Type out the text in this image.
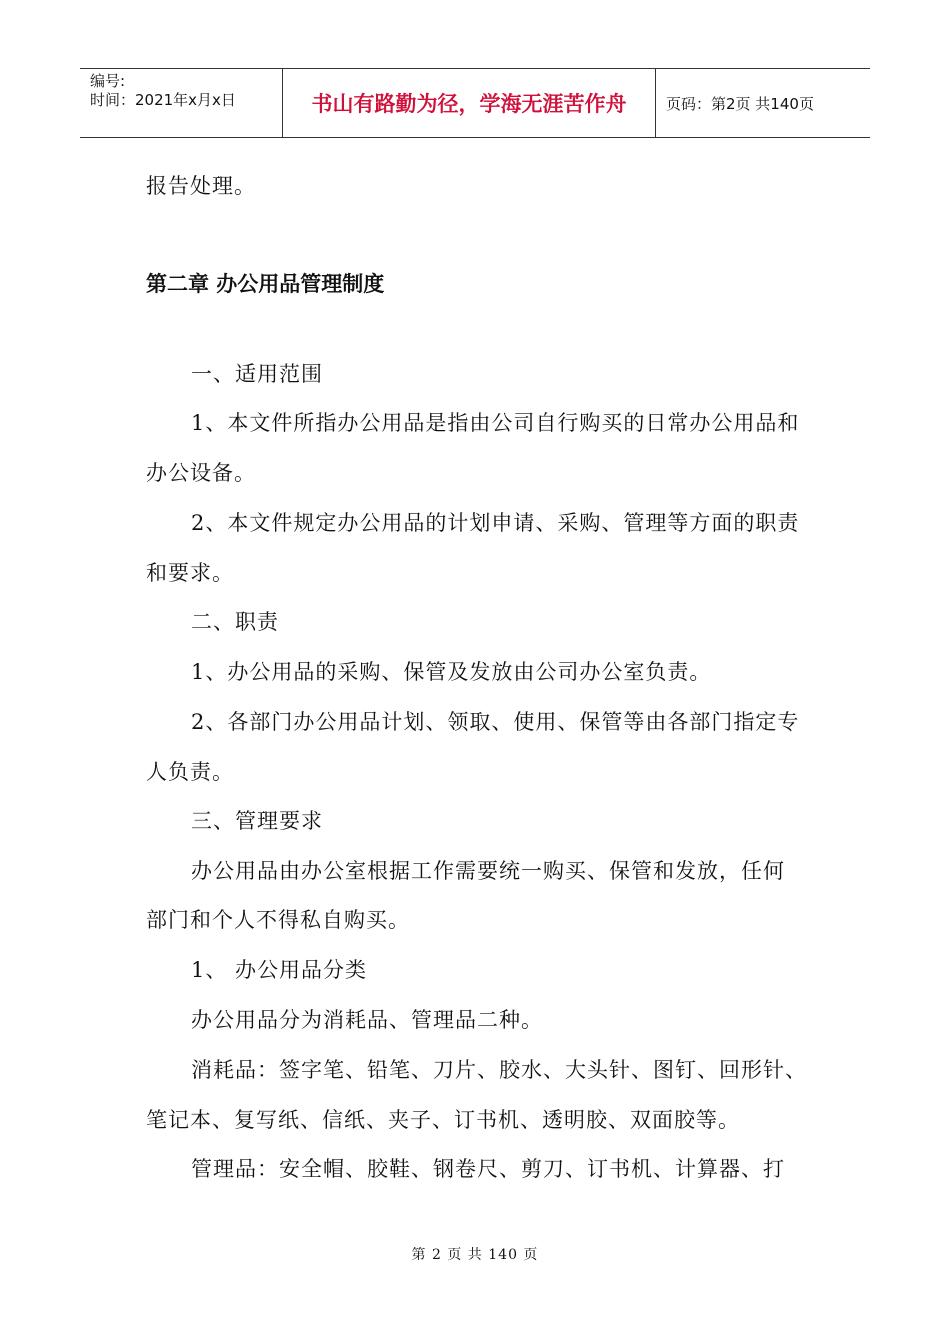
编号:
时间：2021年x月x日	书山有路勤为径，学海无涯苦作舟	页码：第2页 共140页
报告处理。
第二章 办公用品管理制度
一、适用范围
1、本文件所指办公用品是指由公司自行购买的日常办公用品和
办公设备。
2、本文件规定办公用品的计划申请、采购、管理等方面的职责
和要求。
二、职责
1、办公用品的采购、保管及发放由公司办公室负责。
2、各部门办公用品计划、领取、使用、保管等由各部门指定专
人负责。
三、管理要求
办公用品由办公室根据工作需要统一购买、保管和发放，任何
部门和个人不得私自购买。
1、 办公用品分类
办公用品分为消耗品、管理品二种。
消耗品：签字笔、铅笔、刀片、胶水、大头针、图钉、回形针、
笔记本、复写纸、信纸、夹子、订书机、透明胶、双面胶等。
管理品：安全帽、胶鞋、钢卷尺、剪刀、订书机、计算器、打
第 2 页 共 140 页
